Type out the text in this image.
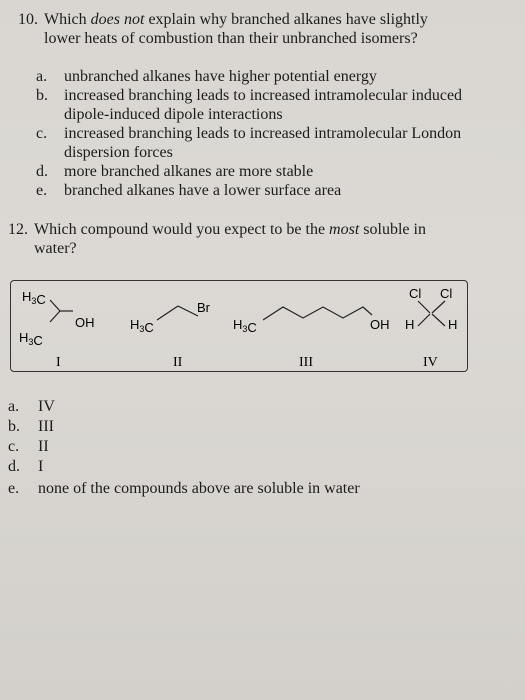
10. Which does not explain why branched alkanes have slightly lower heats of combustion than their unbranched isomers?
a. unbranched alkanes have higher potential energy
b. increased branching leads to increased intramolecular induced dipole-induced dipole interactions
c. increased branching leads to increased intramolecular London dispersion forces
d. more branched alkanes are more stable
e. branched alkanes have a lower surface area
12. Which compound would you expect to be the most soluble in water?
$H_3C$
OH
$H_3C$
I
$H_3C$
Br
II
$H_3C$	OH
III
Cl Cl
H	H
IV
a. IV
b. III
c. II
d. I
e. none of the compounds above are soluble in water
